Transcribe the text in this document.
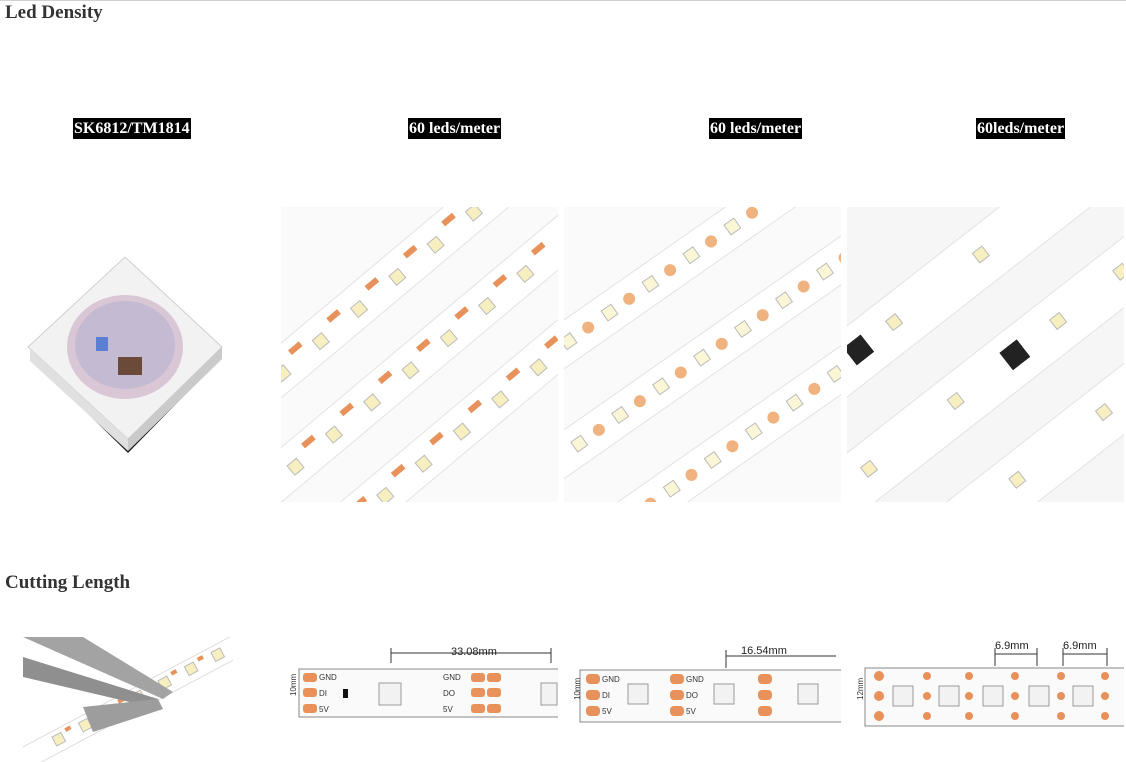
Led Density
SK6812/TM1814	60 leds/meter	60 leds/meter	60leds/meter
Cutting Length
33.08mm
10mm	GND
DI
5V
GND
DO
5V
16.54mm
10mm	GND
DI
5V
GND
DO
5V
6.9mm	6.9mm
12mm
